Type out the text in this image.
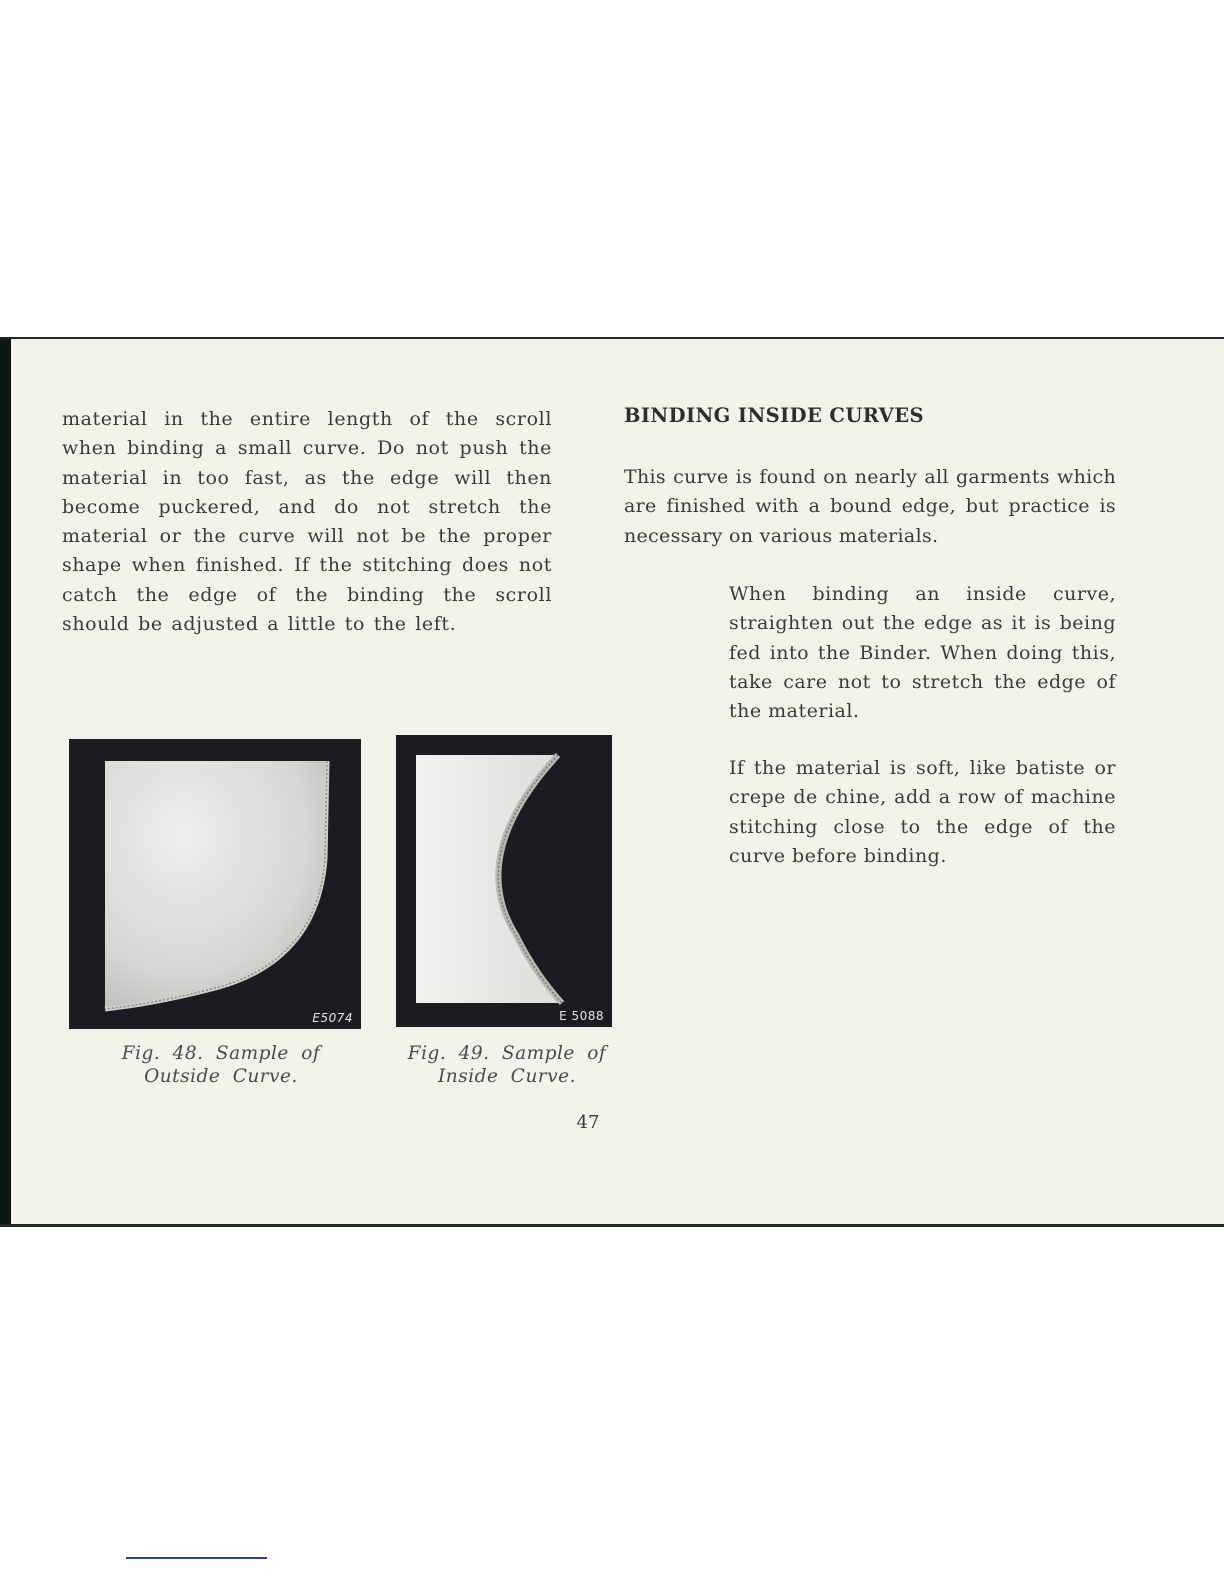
material in the entire length of the scroll when binding a small curve. Do not push the material in too fast, as the edge will then become puckered, and do not stretch the material or the curve will not be the proper shape when finished. If the stitching does not catch the edge of the binding the scroll should be adjusted a little to the left.

BINDING INSIDE CURVES

This curve is found on nearly all garments which are finished with a bound edge, but practice is necessary on various materials.

When binding an inside curve, straighten out the edge as it is being fed into the Binder. When doing this, take care not to stretch the edge of the material.

If the material is soft, like batiste or crepe de chine, add a row of machine stitching close to the edge of the curve before binding.

E5074	E 5088

Fig. 48. Sample of
Outside Curve.

Fig. 49. Sample of
Inside Curve.

47
